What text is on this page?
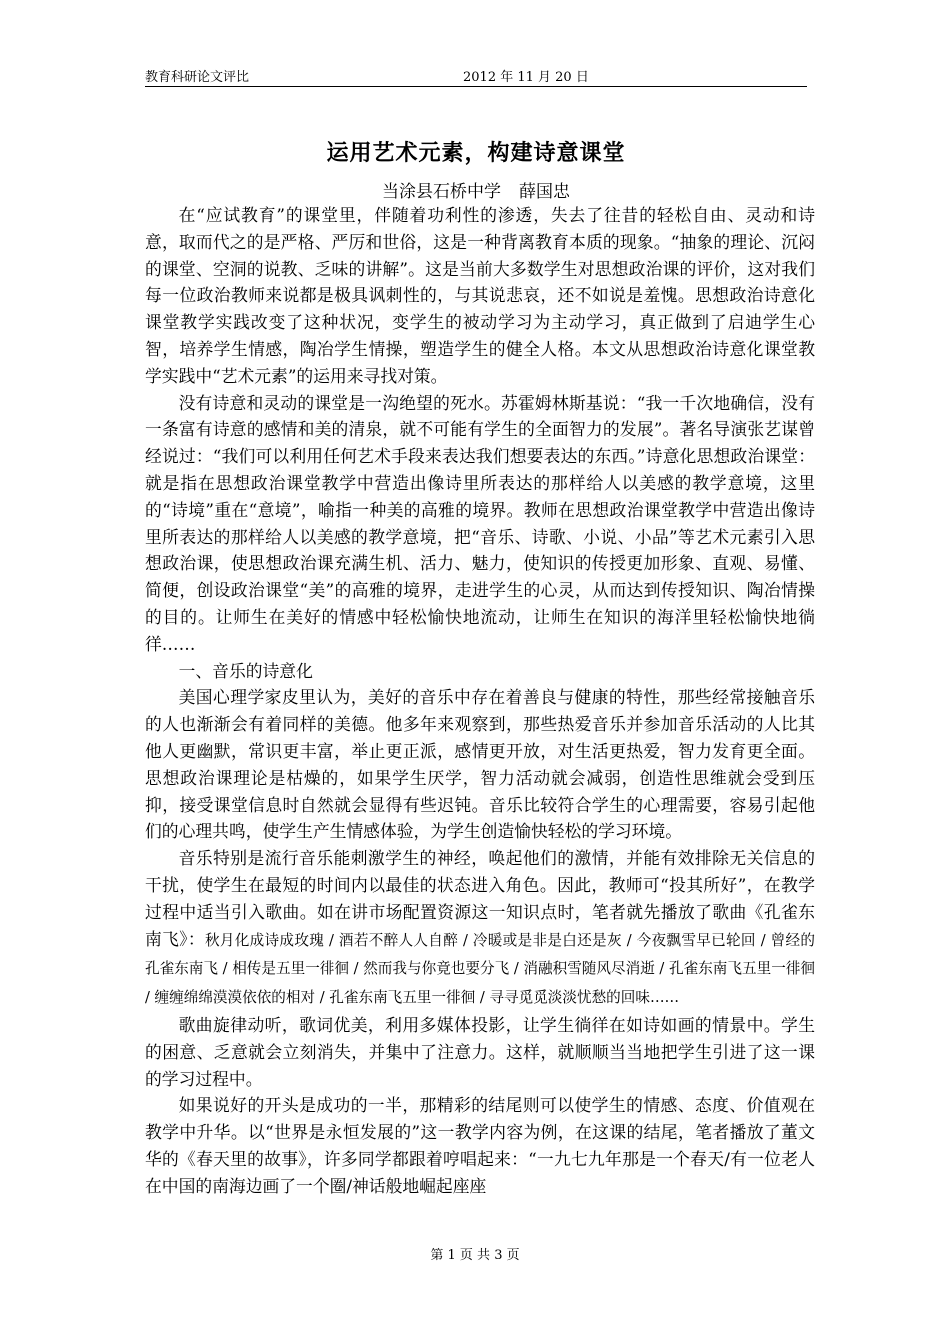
教育科研论文评比	2012 年 11 月 20 日
运用艺术元素，构建诗意课堂
当涂县石桥中学 薛国忠

在“应试教育”的课堂里，伴随着功利性的渗透，失去了往昔的轻松自由、灵动和诗意，取而代之的是严格、严厉和世俗，这是一种背离教育本质的现象。“抽象的理论、沉闷的课堂、空洞的说教、乏味的讲解”。这是当前大多数学生对思想政治课的评价，这对我们每一位政治教师来说都是极具讽刺性的，与其说悲哀，还不如说是羞愧。思想政治诗意化课堂教学实践改变了这种状况，变学生的被动学习为主动学习，真正做到了启迪学生心智，培养学生情感，陶冶学生情操，塑造学生的健全人格。本文从思想政治诗意化课堂教学实践中“艺术元素”的运用来寻找对策。

没有诗意和灵动的课堂是一沟绝望的死水。苏霍姆林斯基说：“我一千次地确信，没有一条富有诗意的感情和美的清泉，就不可能有学生的全面智力的发展”。著名导演张艺谋曾经说过：“我们可以利用任何艺术手段来表达我们想要表达的东西。”诗意化思想政治课堂：就是指在思想政治课堂教学中营造出像诗里所表达的那样给人以美感的教学意境，这里的“诗境”重在“意境”，喻指一种美的高雅的境界。教师在思想政治课堂教学中营造出像诗里所表达的那样给人以美感的教学意境，把“音乐、诗歌、小说、小品”等艺术元素引入思想政治课，使思想政治课充满生机、活力、魅力，使知识的传授更加形象、直观、易懂、简便，创设政治课堂“美”的高雅的境界，走进学生的心灵，从而达到传授知识、陶冶情操的目的。让师生在美好的情感中轻松愉快地流动，让师生在知识的海洋里轻松愉快地徜徉……

一、音乐的诗意化

美国心理学家皮里认为，美好的音乐中存在着善良与健康的特性，那些经常接触音乐的人也渐渐会有着同样的美德。他多年来观察到，那些热爱音乐并参加音乐活动的人比其他人更幽默，常识更丰富，举止更正派，感情更开放，对生活更热爱，智力发育更全面。思想政治课理论是枯燥的，如果学生厌学，智力活动就会减弱，创造性思维就会受到压抑，接受课堂信息时自然就会显得有些迟钝。音乐比较符合学生的心理需要，容易引起他们的心理共鸣，使学生产生情感体验，为学生创造愉快轻松的学习环境。

音乐特别是流行音乐能刺激学生的神经，唤起他们的激情，并能有效排除无关信息的干扰，使学生在最短的时间内以最佳的状态进入角色。因此，教师可“投其所好”，在教学过程中适当引入歌曲。如在讲市场配置资源这一知识点时，笔者就先播放了歌曲《孔雀东南飞》：秋月化成诗成玫瑰 / 酒若不醉人人自醉 / 冷暖或是非是白还是灰 / 今夜飘雪早已轮回 / 曾经的孔雀东南飞 / 相传是五里一徘徊 / 然而我与你竟也要分飞 / 消融积雪随风尽消逝 / 孔雀东南飞五里一徘徊 / 缠缠绵绵漠漠依依的相对 / 孔雀东南飞五里一徘徊 / 寻寻觅觅淡淡忧愁的回味……

歌曲旋律动听，歌词优美，利用多媒体投影，让学生徜徉在如诗如画的情景中。学生的困意、乏意就会立刻消失，并集中了注意力。这样，就顺顺当当地把学生引进了这一课的学习过程中。

如果说好的开头是成功的一半，那精彩的结尾则可以使学生的情感、态度、价值观在教学中升华。以“世界是永恒发展的”这一教学内容为例，在这课的结尾，笔者播放了董文华的《春天里的故事》，许多同学都跟着哼唱起来：“一九七九年那是一个春天/有一位老人在中国的南海边画了一个圈/神话般地崛起座座

第 1 页 共 3 页
